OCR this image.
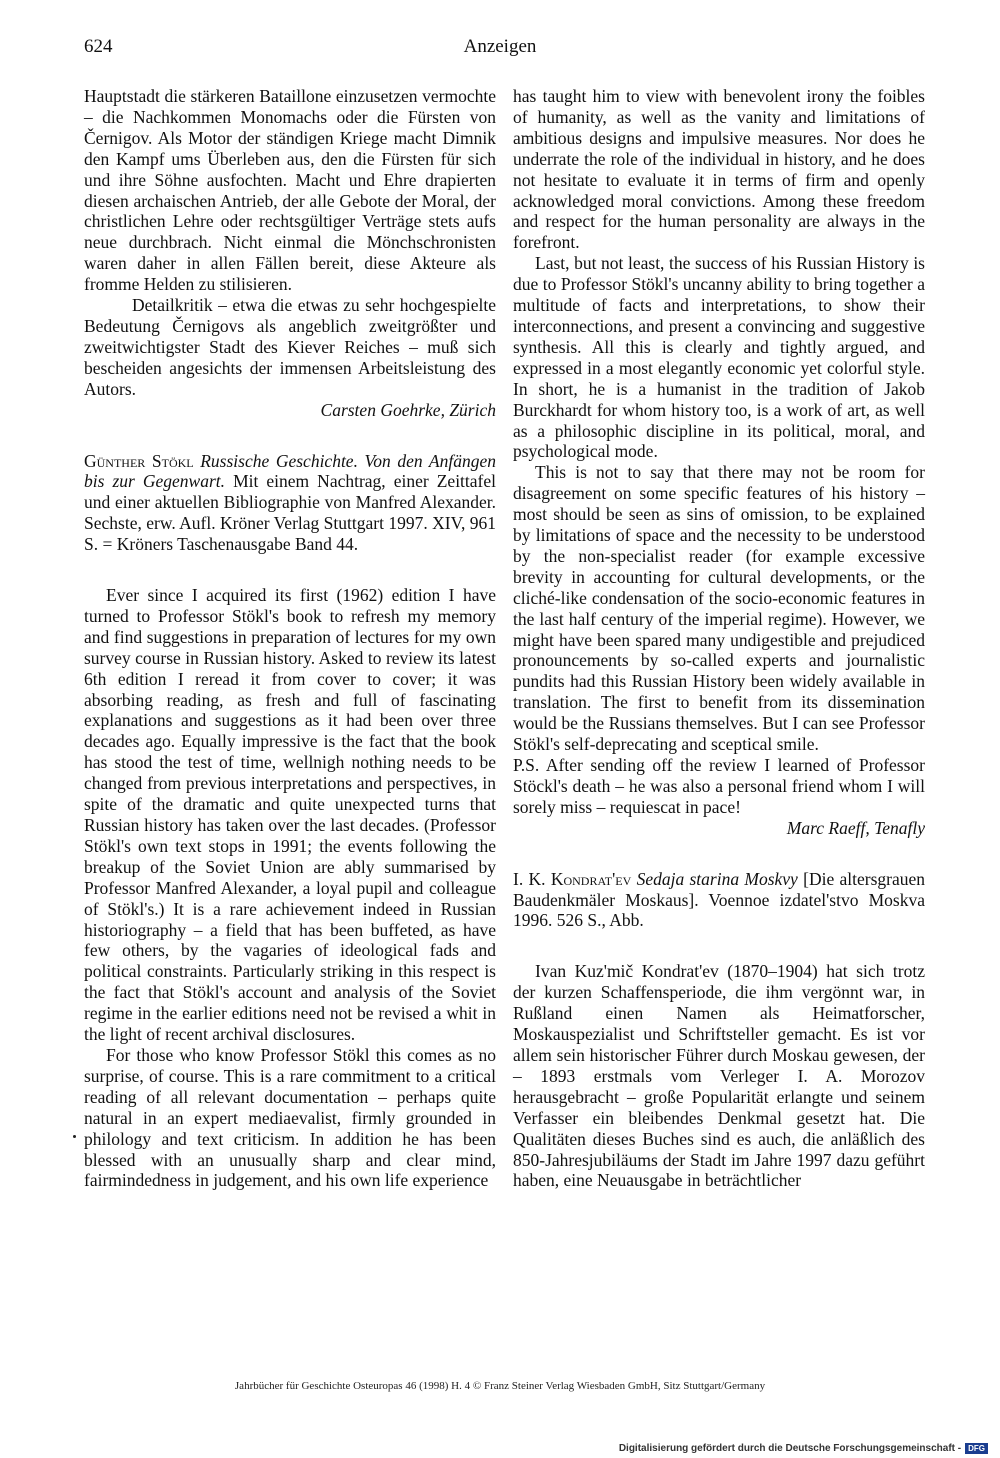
624	Anzeigen

Hauptstadt die stärkeren Bataillone einzusetzen vermochte – die Nachkommen Monomachs oder die Fürsten von Černigov. Als Motor der ständigen Kriege macht Dimnik den Kampf ums Überleben aus, den die Fürsten für sich und ihre Söhne ausfochten. Macht und Ehre drapierten diesen archaischen Antrieb, der alle Gebote der Moral, der christlichen Lehre oder rechtsgültiger Verträge stets aufs neue durchbrach. Nicht einmal die Mönchschronisten waren daher in allen Fällen bereit, diese Akteure als fromme Helden zu stilisieren.

Detailkritik – etwa die etwas zu sehr hochgespielte Bedeutung Černigovs als angeblich zweitgrößter und zweitwichtigster Stadt des Kiever Reiches – muß sich bescheiden angesichts der immensen Arbeitsleistung des Autors.

Carsten Goehrke, Zürich

Günther Stökl Russische Geschichte. Von den Anfängen bis zur Gegenwart. Mit einem Nachtrag, einer Zeittafel und einer aktuellen Bibliographie von Manfred Alexander. Sechste, erw. Aufl. Kröner Verlag Stuttgart 1997. XIV, 961 S. = Kröners Taschenausgabe Band 44.

Ever since I acquired its first (1962) edition I have turned to Professor Stökl's book to refresh my memory and find suggestions in preparation of lectures for my own survey course in Russian history. Asked to review its latest 6th edition I reread it from cover to cover; it was absorbing reading, as fresh and full of fascinating explanations and suggestions as it had been over three decades ago. Equally impressive is the fact that the book has stood the test of time, wellnigh nothing needs to be changed from previous interpretations and perspectives, in spite of the dramatic and quite unexpected turns that Russian history has taken over the last decades. (Professor Stökl's own text stops in 1991; the events following the breakup of the Soviet Union are ably summarised by Professor Manfred Alexander, a loyal pupil and colleague of Stökl's.) It is a rare achievement indeed in Russian historiography – a field that has been buffeted, as have few others, by the vagaries of ideological fads and political constraints. Particularly striking in this respect is the fact that Stökl's account and analysis of the Soviet regime in the earlier editions need not be revised a whit in the light of recent archival disclosures.

For those who know Professor Stökl this comes as no surprise, of course. This is a rare commitment to a critical reading of all relevant documentation – perhaps quite natural in an expert mediaevalist, firmly grounded in philology and text criticism. In addition he has been blessed with an unusually sharp and clear mind, fairmindedness in judgement, and his own life experience

has taught him to view with benevolent irony the foibles of humanity, as well as the vanity and limitations of ambitious designs and impulsive measures. Nor does he underrate the role of the individual in history, and he does not hesitate to evaluate it in terms of firm and openly acknowledged moral convictions. Among these freedom and respect for the human personality are always in the forefront.

Last, but not least, the success of his Russian History is due to Professor Stökl's uncanny ability to bring together a multitude of facts and interpretations, to show their interconnections, and present a convincing and suggestive synthesis. All this is clearly and tightly argued, and expressed in a most elegantly economic yet colorful style. In short, he is a humanist in the tradition of Jakob Burckhardt for whom history too, is a work of art, as well as a philosophic discipline in its political, moral, and psychological mode.

This is not to say that there may not be room for disagreement on some specific features of his history – most should be seen as sins of omission, to be explained by limitations of space and the necessity to be understood by the non-specialist reader (for example excessive brevity in accounting for cultural developments, or the cliché-like condensation of the socio-economic features in the last half century of the imperial regime). However, we might have been spared many undigestible and prejudiced pronouncements by so-called experts and journalistic pundits had this Russian History been widely available in translation. The first to benefit from its dissemination would be the Russians themselves. But I can see Professor Stökl's self-deprecating and sceptical smile.

P.S. After sending off the review I learned of Professor Stöckl's death – he was also a personal friend whom I will sorely miss – requiescat in pace!

Marc Raeff, Tenafly

I. K. Kondrat'ev Sedaja starina Moskvy [Die altersgrauen Baudenkmäler Moskaus]. Voennoe izdatel'stvo Moskva 1996. 526 S., Abb.

Ivan Kuz'mič Kondrat'ev (1870–1904) hat sich trotz der kurzen Schaffensperiode, die ihm vergönnt war, in Rußland einen Namen als Heimatforscher, Moskauspezialist und Schriftsteller gemacht. Es ist vor allem sein historischer Führer durch Moskau gewesen, der – 1893 erstmals vom Verleger I. A. Morozov herausgebracht – große Popularität erlangte und seinem Verfasser ein bleibendes Denkmal gesetzt hat. Die Qualitäten dieses Buches sind es auch, die anläßlich des 850-Jahresjubiläums der Stadt im Jahre 1997 dazu geführt haben, eine Neuausgabe in beträchtlicher

Jahrbücher für Geschichte Osteuropas 46 (1998) H. 4 © Franz Steiner Verlag Wiesbaden GmbH, Sitz Stuttgart/Germany
Digitalisierung gefördert durch die Deutsche Forschungsgemeinschaft - DFG
